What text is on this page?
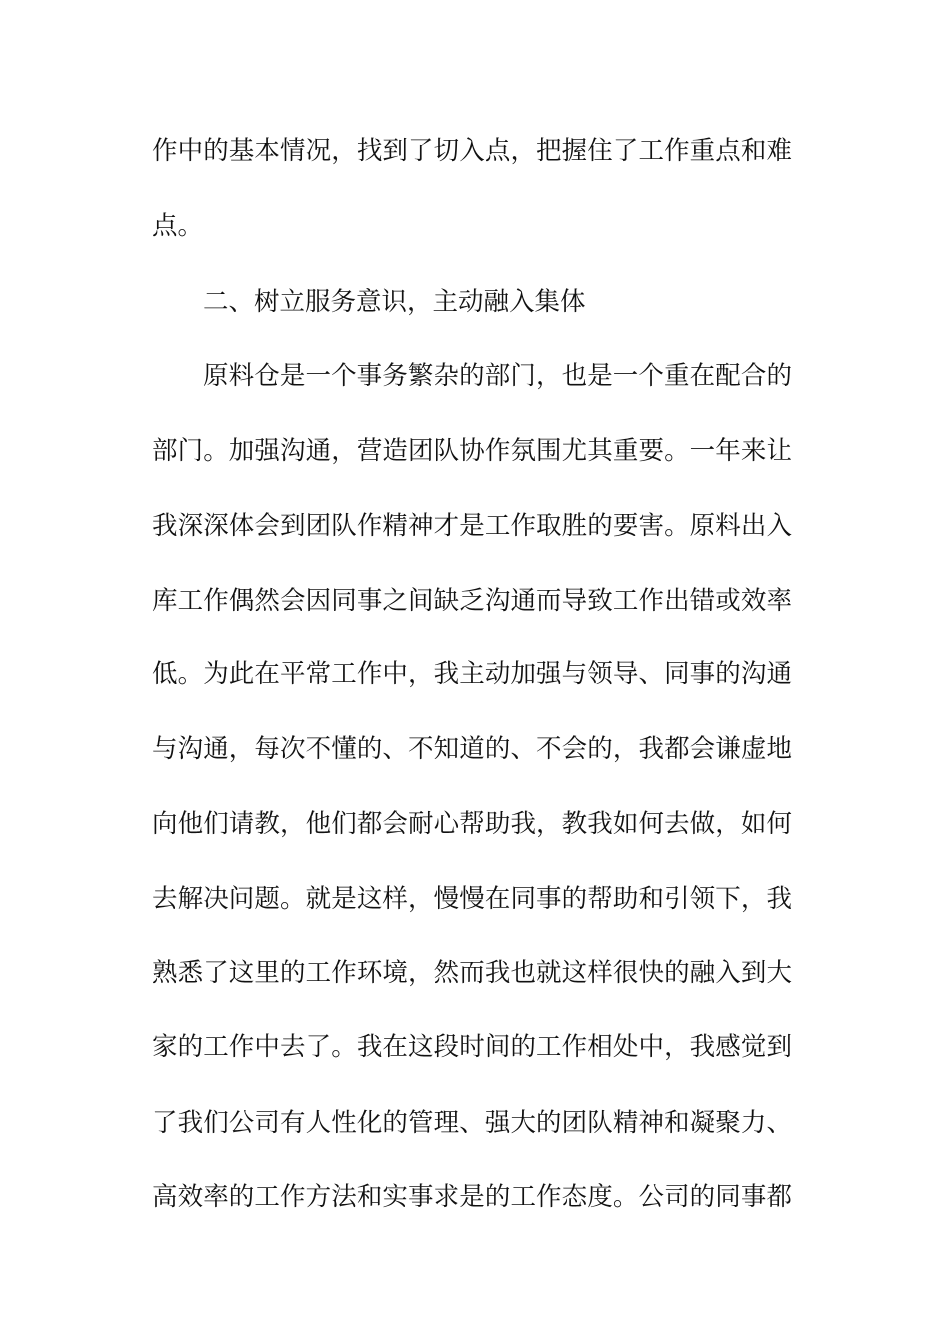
作中的基本情况，找到了切入点，把握住了工作重点和难
点。
二、树立服务意识，主动融入集体
原料仓是一个事务繁杂的部门，也是一个重在配合的
部门。加强沟通，营造团队协作氛围尤其重要。一年来让
我深深体会到团队作精神才是工作取胜的要害。原料出入
库工作偶然会因同事之间缺乏沟通而导致工作出错或效率
低。为此在平常工作中，我主动加强与领导、同事的沟通
与沟通，每次不懂的、不知道的、不会的，我都会谦虚地
向他们请教，他们都会耐心帮助我，教我如何去做，如何
去解决问题。就是这样，慢慢在同事的帮助和引领下，我
熟悉了这里的工作环境，然而我也就这样很快的融入到大
家的工作中去了。我在这段时间的工作相处中，我感觉到
了我们公司有人性化的管理、强大的团队精神和凝聚力、
高效率的工作方法和实事求是的工作态度。公司的同事都
